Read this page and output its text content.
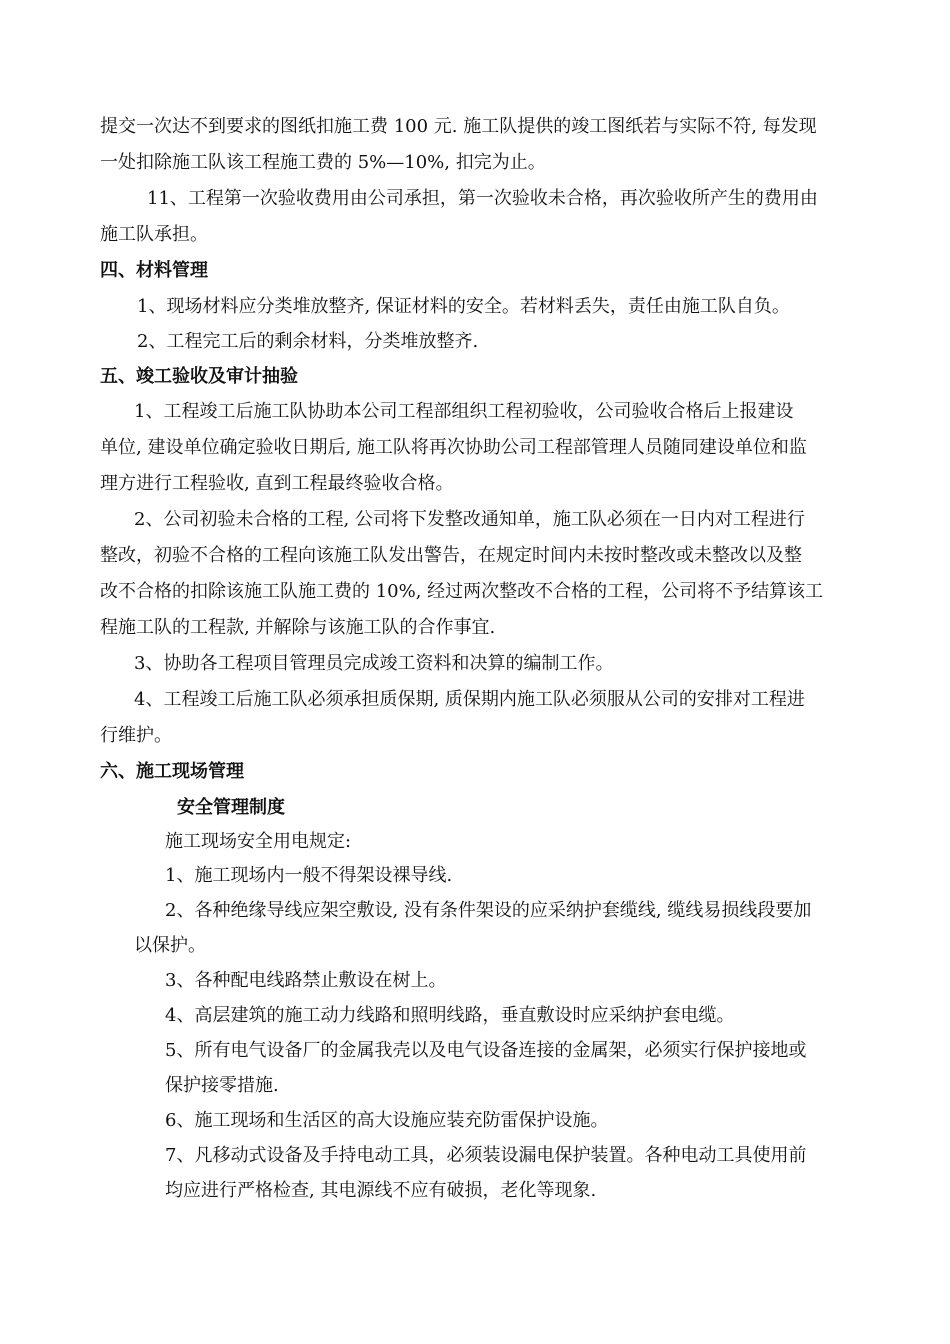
提交一次达不到要求的图纸扣施工费 100 元. 施工队提供的竣工图纸若与实际不符, 每发现
一处扣除施工队该工程施工费的 5%—10%, 扣完为止。
11、工程第一次验收费用由公司承担，第一次验收未合格，再次验收所产生的费用由
施工队承担。
四、材料管理
1、现场材料应分类堆放整齐, 保证材料的安全。若材料丢失，责任由施工队自负。
2、工程完工后的剩余材料，分类堆放整齐.
五、竣工验收及审计抽验
1、工程竣工后施工队协助本公司工程部组织工程初验收，公司验收合格后上报建设
单位, 建设单位确定验收日期后, 施工队将再次协助公司工程部管理人员随同建设单位和监
理方进行工程验收, 直到工程最终验收合格。
2、公司初验未合格的工程, 公司将下发整改通知单，施工队必须在一日内对工程进行
整改，初验不合格的工程向该施工队发出警告，在规定时间内未按时整改或未整改以及整
改不合格的扣除该施工队施工费的 10%, 经过两次整改不合格的工程，公司将不予结算该工
程施工队的工程款, 并解除与该施工队的合作事宜.
3、协助各工程项目管理员完成竣工资料和决算的编制工作。
4、工程竣工后施工队必须承担质保期, 质保期内施工队必须服从公司的安排对工程进
行维护。
六、施工现场管理
安全管理制度
施工现场安全用电规定:
1、施工现场内一般不得架设裸导线.
2、各种绝缘导线应架空敷设, 没有条件架设的应采纳护套缆线, 缆线易损线段要加
以保护。
3、各种配电线路禁止敷设在树上。
4、高层建筑的施工动力线路和照明线路，垂直敷设时应采纳护套电缆。
5、所有电气设备厂的金属我壳以及电气设备连接的金属架，必须实行保护接地或
保护接零措施.
6、施工现场和生活区的高大设施应装充防雷保护设施。
7、凡移动式设备及手持电动工具，必须装设漏电保护装置。各种电动工具使用前
均应进行严格检查, 其电源线不应有破损，老化等现象.
